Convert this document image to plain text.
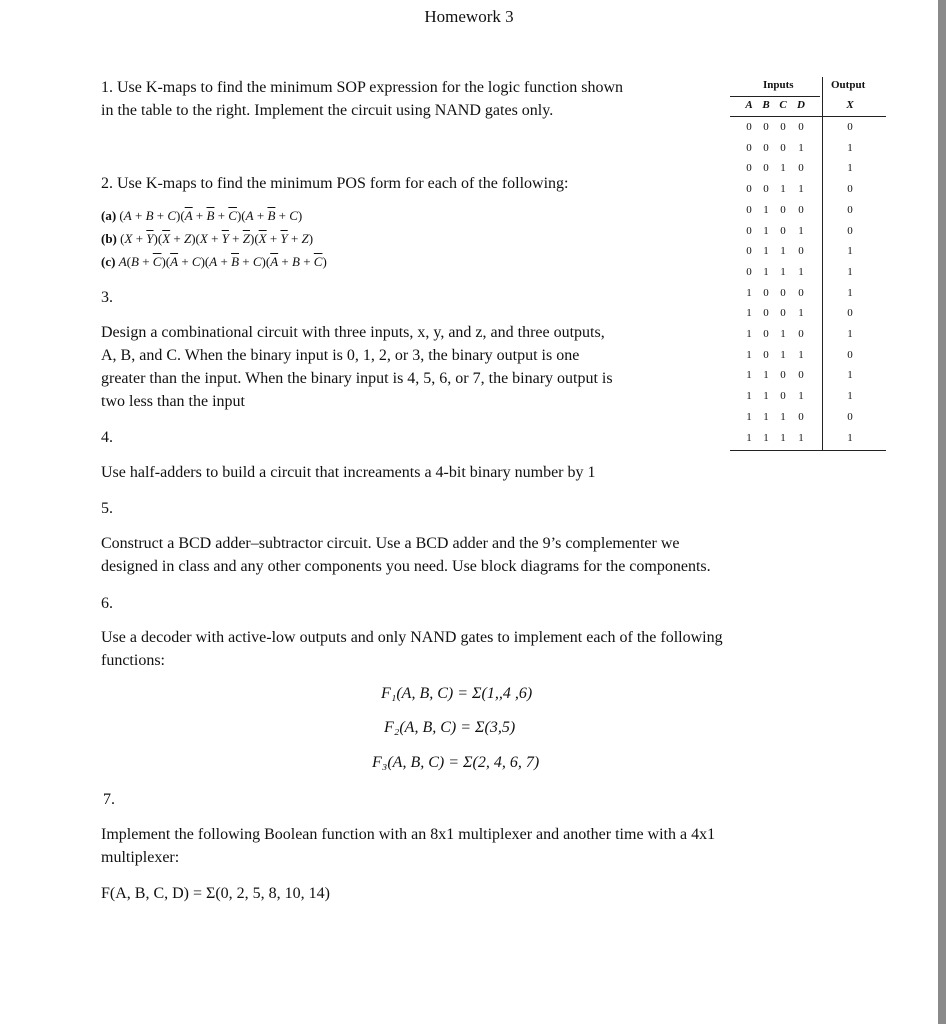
Homework 3
1. Use K-maps to find the minimum SOP expression for the logic function shown
in the table to the right. Implement the circuit using NAND gates only.
2. Use K-maps to find the minimum POS form for each of the following:
(a) $(A + B + C)(\overline{A} + \overline{B} + \overline{C})(A + \overline{B} + C)$
(b) $(X + \overline{Y})(\overline{X} + Z)(X + \overline{Y} + \overline{Z})(\overline{X} + \overline{Y} + Z)$
(c) $A(B + \overline{C})(\overline{A} + C)(A + \overline{B} + C)(\overline{A} + B + \overline{C})$
3.
Design a combinational circuit with three inputs, x, y, and z, and three outputs,
A, B, and C. When the binary input is 0, 1, 2, or 3, the binary output is one
greater than the input. When the binary input is 4, 5, 6, or 7, the binary output is
two less than the input
4.
Use half-adders to build a circuit that increaments a 4-bit binary number by 1
5.
Construct a BCD adder–subtractor circuit. Use a BCD adder and the 9’s complementer we
designed in class and any other components you need. Use block diagrams for the components.
6.
Use a decoder with active-low outputs and only NAND gates to implement each of the following
functions:
F₁(A, B, C) = Σ(1,,4 ,6)
F₂(A, B, C) = Σ(3,5)
F₃(A, B, C) = Σ(2, 4, 6, 7)
7.
Implement the following Boolean function with an 8x1 multiplexer and another time with a 4x1
multiplexer:
F(A, B, C, D) = Σ(0, 2, 5, 8, 10, 14)
Inputs	Output
A B C D	X
0 0 0 0	0
0 0 0 1	1
0 0 1 0	1
0 0 1 1	0
0 1 0 0	0
0 1 0 1	0
0 1 1 0	1
0 1 1 1	1
1 0 0 0	1
1 0 0 1	0
1 0 1 0	1
1 0 1 1	0
1 1 0 0	1
1 1 0 1	1
1 1 1 0	0
1 1 1 1	1
